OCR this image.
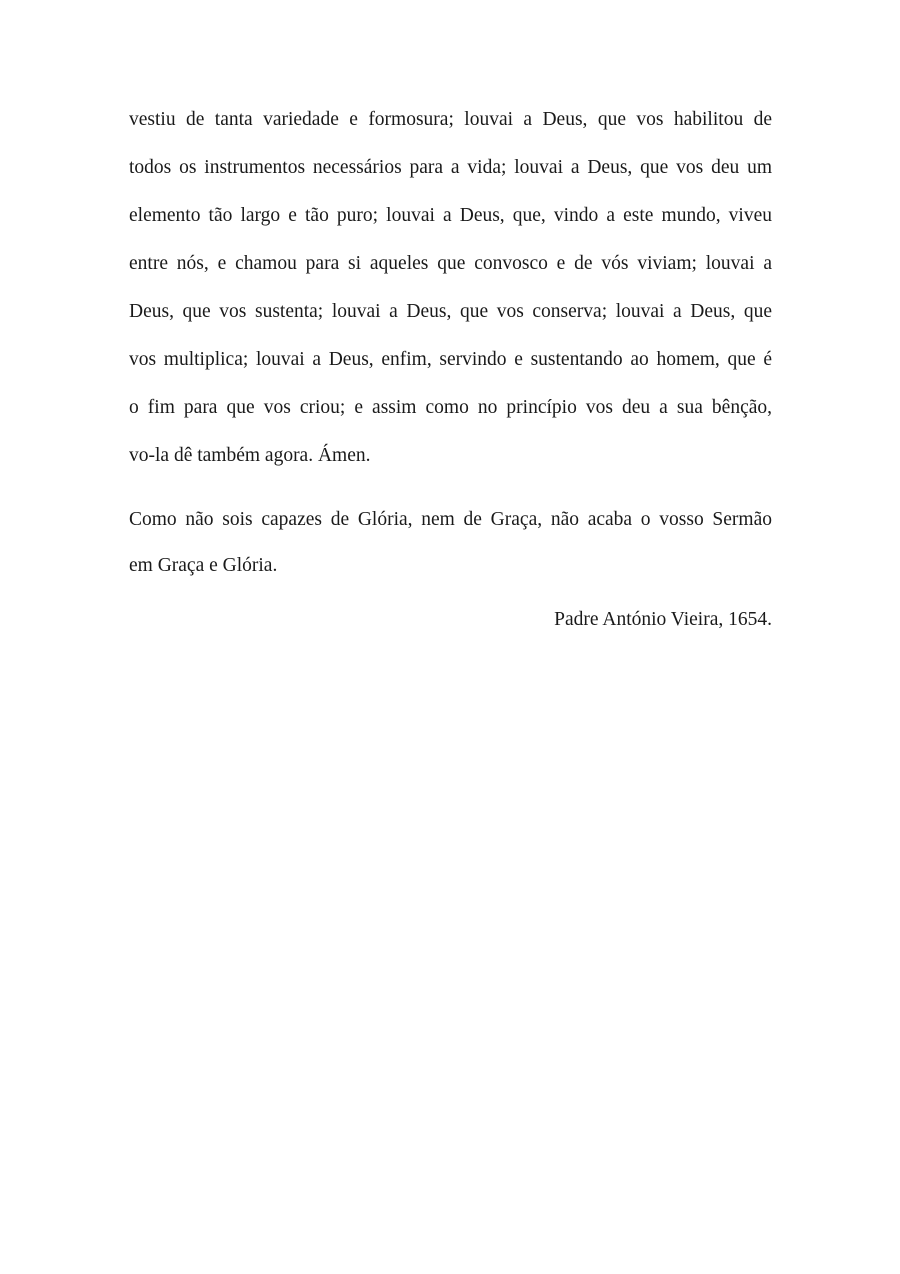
vestiu de tanta variedade e formosura; louvai a Deus, que vos habilitou de
todos os instrumentos necessários para a vida; louvai a Deus, que vos deu um
elemento tão largo e tão puro; louvai a Deus, que, vindo a este mundo, viveu
entre nós, e chamou para si aqueles que convosco e de vós viviam; louvai a
Deus, que vos sustenta; louvai a Deus, que vos conserva; louvai a Deus, que
vos multiplica; louvai a Deus, enfim, servindo e sustentando ao homem, que é
o fim para que vos criou; e assim como no princípio vos deu a sua bênção,
vo-la dê também agora. Ámen.

Como não sois capazes de Glória, nem de Graça, não acaba o vosso Sermão
em Graça e Glória.

Padre António Vieira, 1654.
